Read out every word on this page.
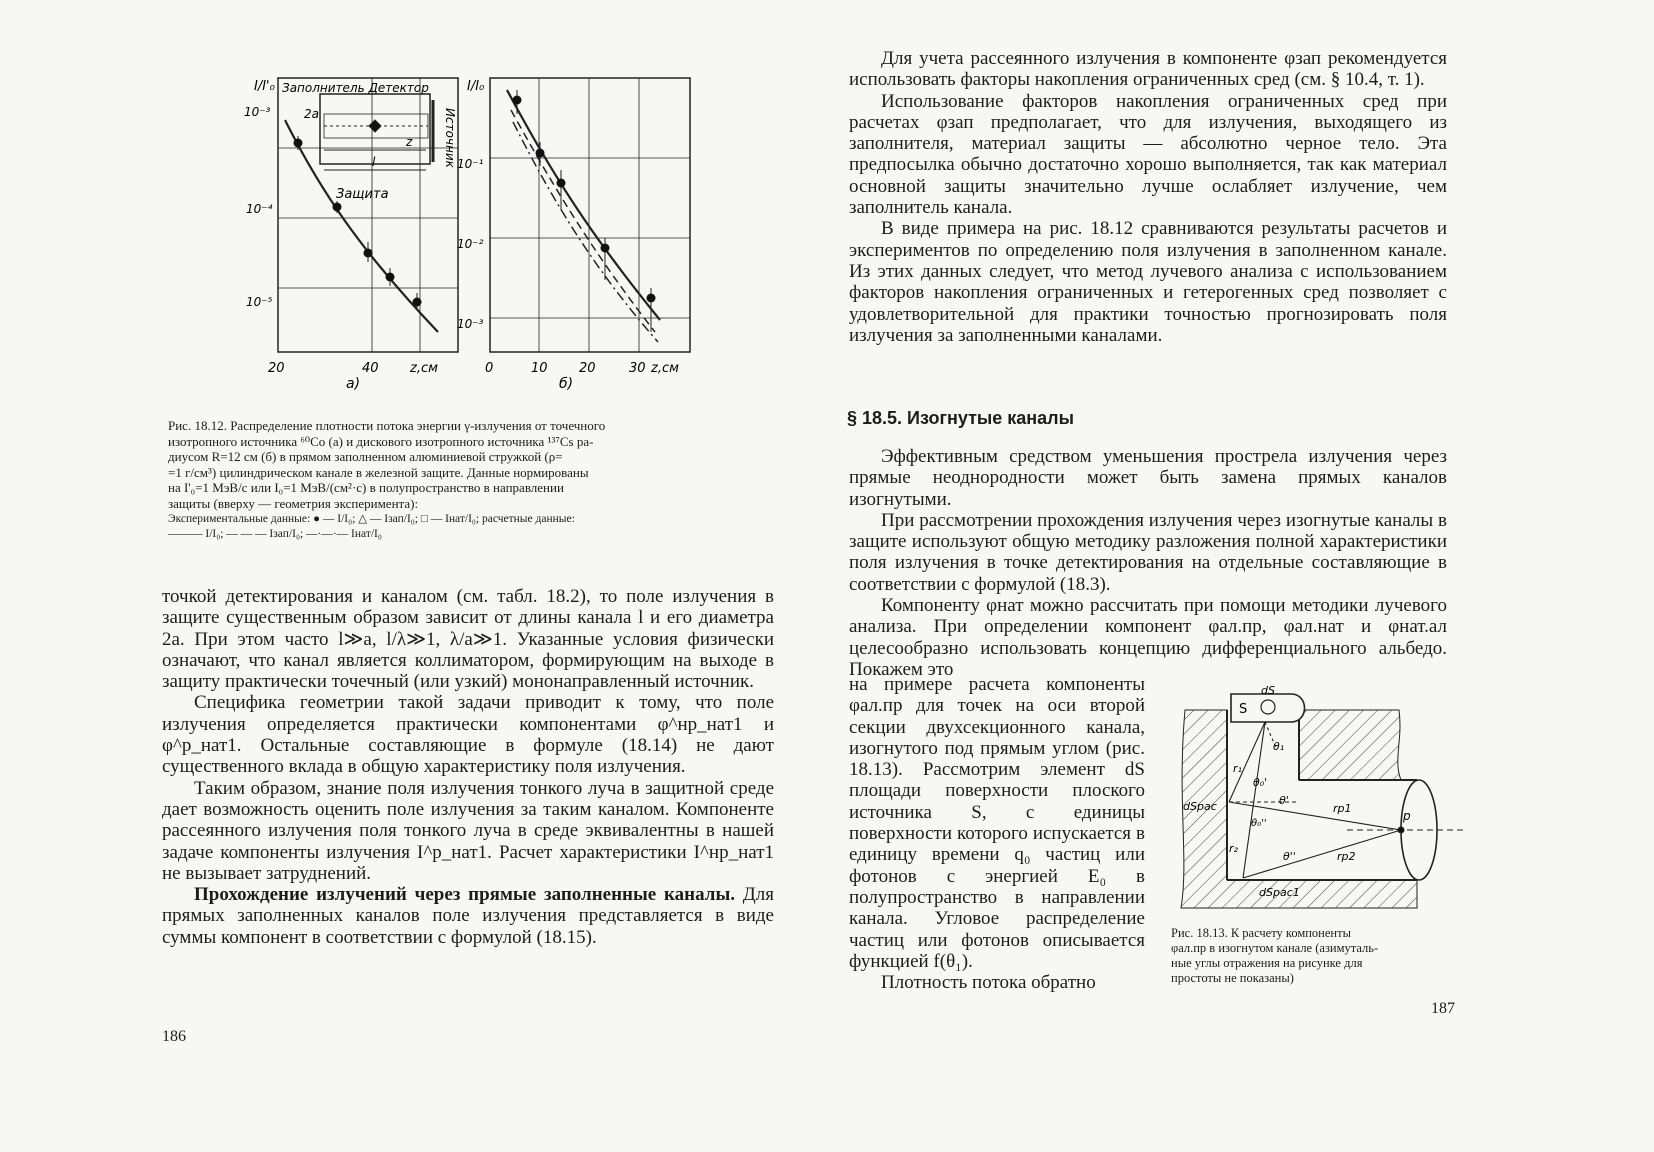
Заполнитель Детектор
Источник
Защита
2a
z
l
I/I'₀
10⁻³
10⁻⁴
10⁻⁵
20	40 z,см
а)
I/I₀
10⁻¹
10⁻²
10⁻³
0	10 20	30 z,см
б)
Рис. 18.12. Распределение плотности потока энергии γ-излучения от точечного
изотропного источника ⁶⁰Co (а) и дискового изотропного источника ¹³⁷Cs ра-
диусом R=12 см (б) в прямом заполненном алюминиевой стружкой (ρ=
=1 г/см³) цилиндрическом канале в железной защите. Данные нормированы
на I'₀=1 МэВ/с или I₀=1 МэВ/(см²·с) в полупространство в направлении
защиты (вверху — геометрия эксперимента):
Экспериментальные данные: ● — I/I₀; △ — Iзап/I₀; □ — Iнат/I₀; расчетные данные:
——— I/I₀; — — — Iзап/I₀; —·—·— Iнат/I₀

точкой детектирования и каналом (см. табл. 18.2), то поле излучения в защите существенным образом зависит от длины канала l и его диаметра 2a. При этом часто l≫a, l/λ≫1, λ/a≫1. Указанные условия физически означают, что канал является коллиматором, формирующим на выходе в защиту практически точечный (или узкий) мононаправленный источник.

Специфика геометрии такой задачи приводит к тому, что поле излучения определяется практически компонентами φ^нр_нат1 и φ^р_нат1. Остальные составляющие в формуле (18.14) не дают существенного вклада в общую характеристику поля излучения.

Таким образом, знание поля излучения тонкого луча в защитной среде дает возможность оценить поле излучения за таким каналом. Компоненте рассеянного излучения поля тонкого луча в среде эквивалентны в нашей задаче компоненты излучения I^р_нат1. Расчет характеристики I^нр_нат1 не вызывает затруднений.

Прохождение излучений через прямые заполненные каналы. Для прямых заполненных каналов поле излучения представляется в виде суммы компонент в соответствии с формулой (18.15).

186

Для учета рассеянного излучения в компоненте φзап рекомендуется использовать факторы накопления ограниченных сред (см. § 10.4, т. 1).

Использование факторов накопления ограниченных сред при расчетах φзап предполагает, что для излучения, выходящего из заполнителя, материал защиты — абсолютно черное тело. Эта предпосылка обычно достаточно хорошо выполняется, так как материал основной защиты значительно лучше ослабляет излучение, чем заполнитель канала.

В виде примера на рис. 18.12 сравниваются результаты расчетов и экспериментов по определению поля излучения в заполненном канале. Из этих данных следует, что метод лучевого анализа с использованием факторов накопления ограниченных и гетерогенных сред позволяет с удовлетворительной для практики точностью прогнозировать поля излучения за заполненными каналами.

§ 18.5. Изогнутые каналы

Эффективным средством уменьшения прострела излучения через прямые неоднородности может быть замена прямых каналов изогнутыми.

При рассмотрении прохождения излучения через изогнутые каналы в защите используют общую методику разложения полной характеристики поля излучения в точке детектирования на отдельные составляющие в соответствии с формулой (18.3).

Компоненту φнат можно рассчитать при помощи методики лучевого анализа. При определении компонент φал.пр, φал.нат и φнат.ал целесообразно использовать концепцию дифференциального альбедо. Покажем это

на примере расчета компоненты φал.пр для точек на оси второй секции двухсекционного канала, изогнутого под прямым углом (рис. 18.13). Рассмотрим элемент dS площади поверхности плоского источника S, с единицы поверхности которого испускается в единицу времени q₀ частиц или фотонов с энергией E₀ в полупространство в направлении канала. Угловое распределение частиц или фотонов описывается функцией f(θ₁).

Плотность потока обратно

S
dS
θ₁
r₁
θ₀'
θ'
dSрас
θ₀''
rp1
p
r₂
θ''	rp2
dSрас1
Рис. 18.13. К расчету компоненты
φал.пр в изогнутом канале (азимуталь-
ные углы отражения на рисунке для
простоты не показаны)
187
